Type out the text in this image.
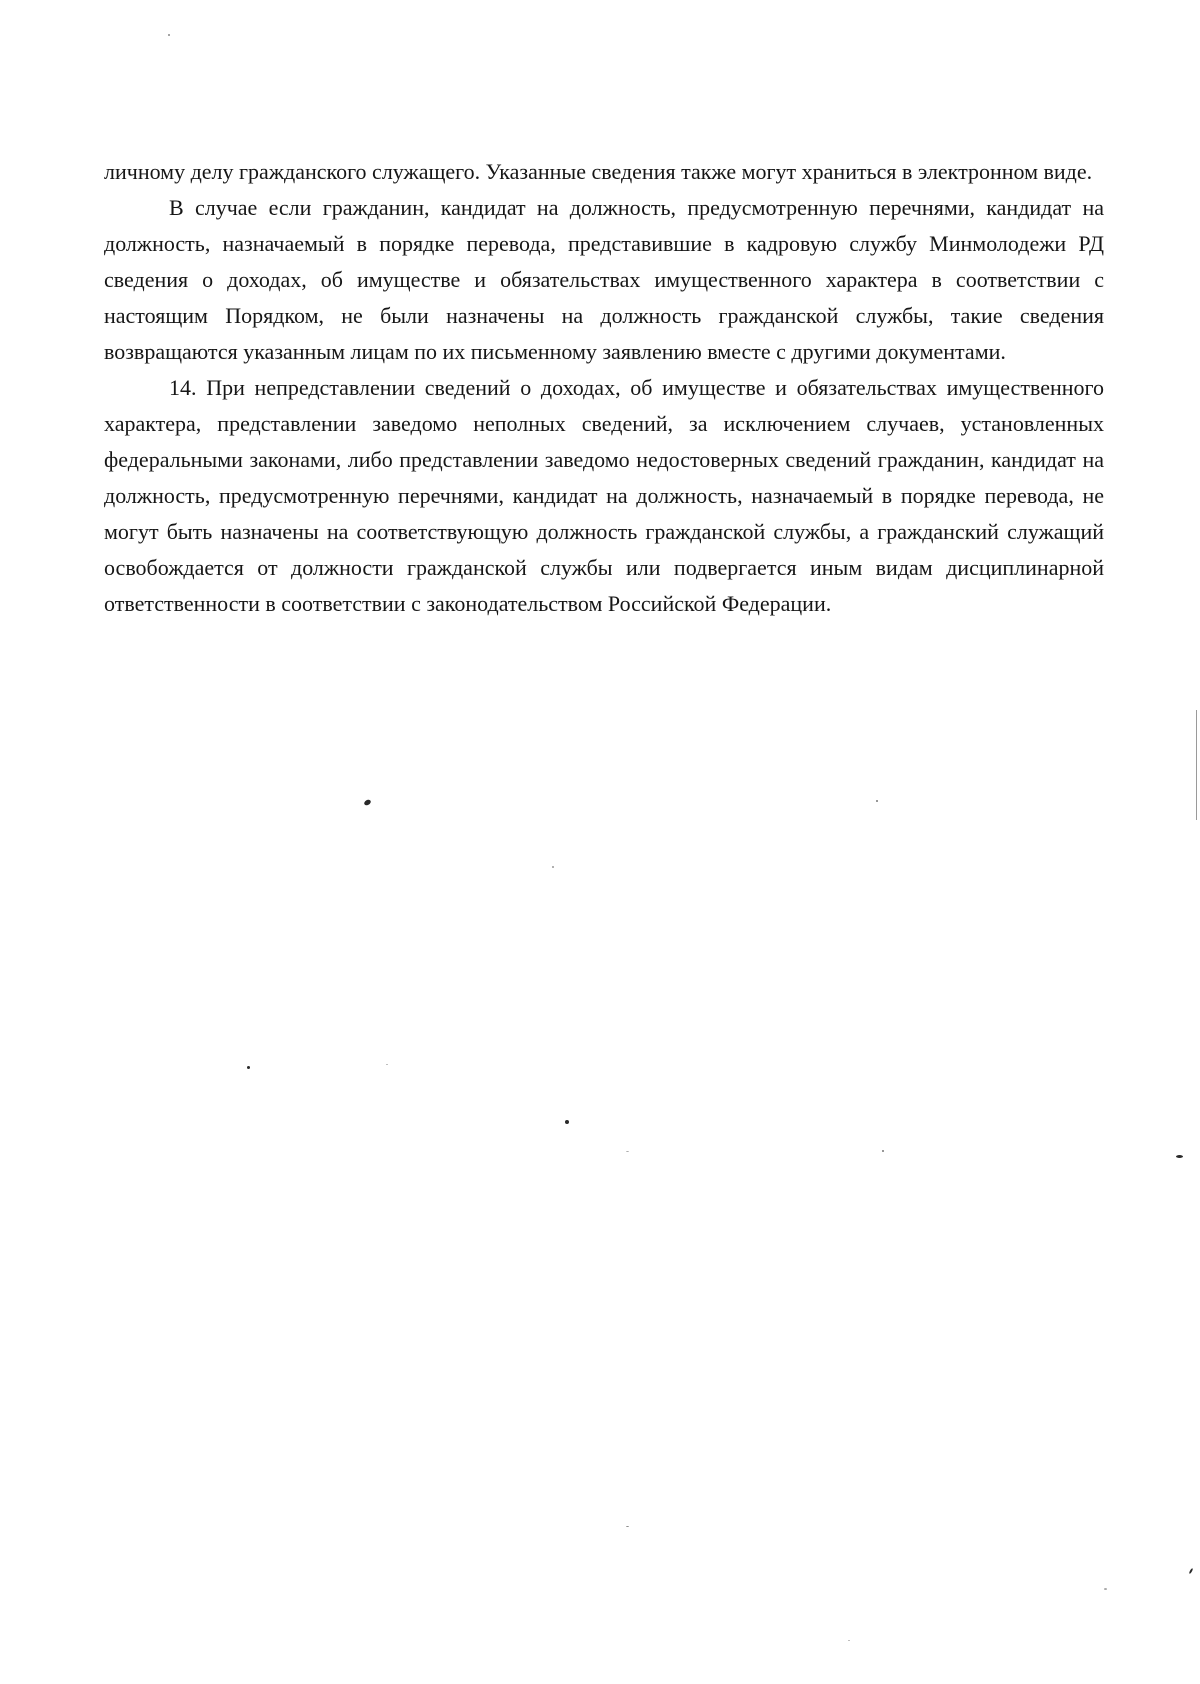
личному делу гражданского служащего. Указанные сведения также могут храниться в электронном виде.

В случае если гражданин, кандидат на должность, предусмотренную перечнями, кандидат на должность, назначаемый в порядке перевода, представившие в кадровую службу Минмолодежи РД сведения о доходах, об имуществе и обязательствах имущественного характера в соответствии с настоящим Порядком, не были назначены на должность гражданской службы, такие сведения возвращаются указанным лицам по их письменному заявлению вместе с другими документами.

14. При непредставлении сведений о доходах, об имуществе и обязательствах имущественного характера, представлении заведомо неполных сведений, за исключением случаев, установленных федеральными законами, либо представлении заведомо недостоверных сведений гражданин, кандидат на должность, предусмотренную перечнями, кандидат на должность, назначаемый в порядке перевода, не могут быть назначены на соответствующую должность гражданской службы, а гражданский служащий освобождается от должности гражданской службы или подвергается иным видам дисциплинарной ответственности в соответствии с законодательством Российской Федерации.
